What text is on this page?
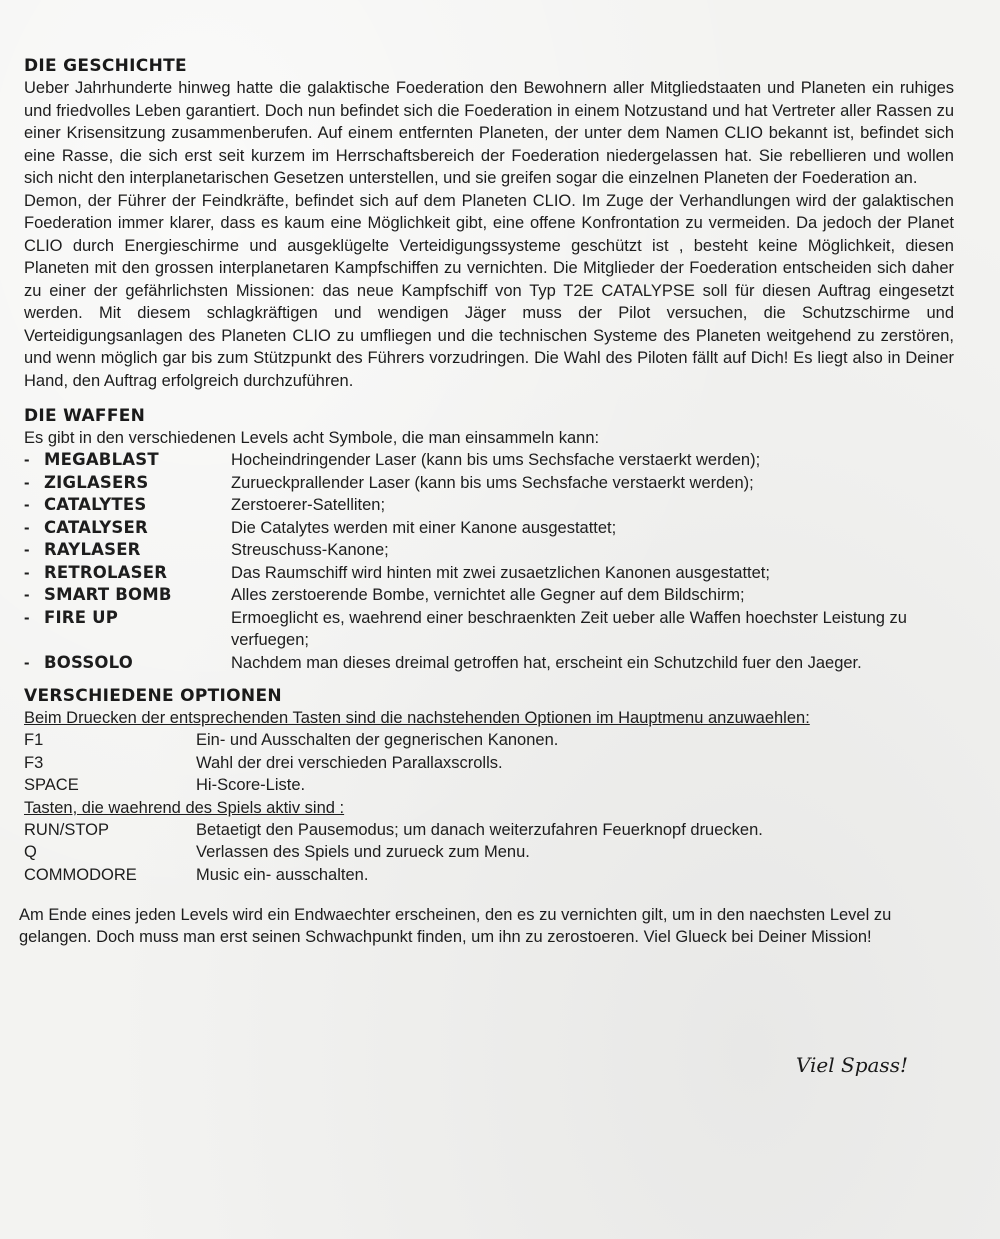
DIE GESCHICHTE

Ueber Jahrhunderte hinweg hatte die galaktische Foederation den Bewohnern aller Mitgliedstaaten und Planeten ein ruhiges und friedvolles Leben garantiert. Doch nun befindet sich die Foederation in einem Notzustand und hat Vertreter aller Rassen zu einer Krisensitzung zusammenberufen. Auf einem entfernten Planeten, der unter dem Namen CLIO bekannt ist, befindet sich eine Rasse, die sich erst seit kurzem im Herrschaftsbereich der Foederation niedergelassen hat. Sie rebellieren und wollen sich nicht den interplanetarischen Gesetzen unterstellen, und sie greifen sogar die einzelnen Planeten der Foederation an.

Demon, der Führer der Feindkräfte, befindet sich auf dem Planeten CLIO. Im Zuge der Verhandlungen wird der galaktischen Foederation immer klarer, dass es kaum eine Möglichkeit gibt, eine offene Konfrontation zu vermeiden. Da jedoch der Planet CLIO durch Energieschirme und ausgeklügelte Verteidigungssysteme geschützt ist , besteht keine Möglichkeit, diesen Planeten mit den grossen interplanetaren Kampfschiffen zu vernichten. Die Mitglieder der Foederation entscheiden sich daher zu einer der gefährlichsten Missionen: das neue Kampfschiff von Typ T2E CATALYPSE soll für diesen Auftrag eingesetzt werden. Mit diesem schlagkräftigen und wendigen Jäger muss der Pilot versuchen, die Schutzschirme und Verteidigungsanlagen des Planeten CLIO zu umfliegen und die technischen Systeme des Planeten weitgehend zu zerstören, und wenn möglich gar bis zum Stützpunkt des Führers vorzudringen. Die Wahl des Piloten fällt auf Dich! Es liegt also in Deiner Hand, den Auftrag erfolgreich durchzuführen.

DIE WAFFEN

Es gibt in den verschiedenen Levels acht Symbole, die man einsammeln kann:

- MEGABLAST	Hocheindringender Laser (kann bis ums Sechsfache verstaerkt werden);
- ZIGLASERS	Zurueckprallender Laser (kann bis ums Sechsfache verstaerkt werden);
- CATALYTES	Zerstoerer-Satelliten;
- CATALYSER	Die Catalytes werden mit einer Kanone ausgestattet;
- RAYLASER	Streuschuss-Kanone;
- RETROLASER	Das Raumschiff wird hinten mit zwei zusaetzlichen Kanonen ausgestattet;
- SMART BOMB	Alles zerstoerende Bombe, vernichtet alle Gegner auf dem Bildschirm;
- FIRE UP	Ermoeglicht es, waehrend einer beschraenkten Zeit ueber alle Waffen hoechster Leistung zu verfuegen;
- BOSSOLO	Nachdem man dieses dreimal getroffen hat, erscheint ein Schutzchild fuer den Jaeger.
VERSCHIEDENE OPTIONEN

Beim Druecken der entsprechenden Tasten sind die nachstehenden Optionen im Hauptmenu anzuwaehlen:

F1	Ein- und Ausschalten der gegnerischen Kanonen.
F3	Wahl der drei verschieden Parallaxscrolls.
SPACE	Hi-Score-Liste.

Tasten, die waehrend des Spiels aktiv sind :

RUN/STOP	Betaetigt den Pausemodus; um danach weiterzufahren Feuerknopf druecken.
Q	Verlassen des Spiels und zurueck zum Menu.
COMMODORE	Music ein- ausschalten.

Am Ende eines jeden Levels wird ein Endwaechter erscheinen, den es zu vernichten gilt, um in den naechsten Level zu gelangen. Doch muss man erst seinen Schwachpunkt finden, um ihn zu zerostoeren. Viel Glueck bei Deiner Mission!

Viel Spass!
